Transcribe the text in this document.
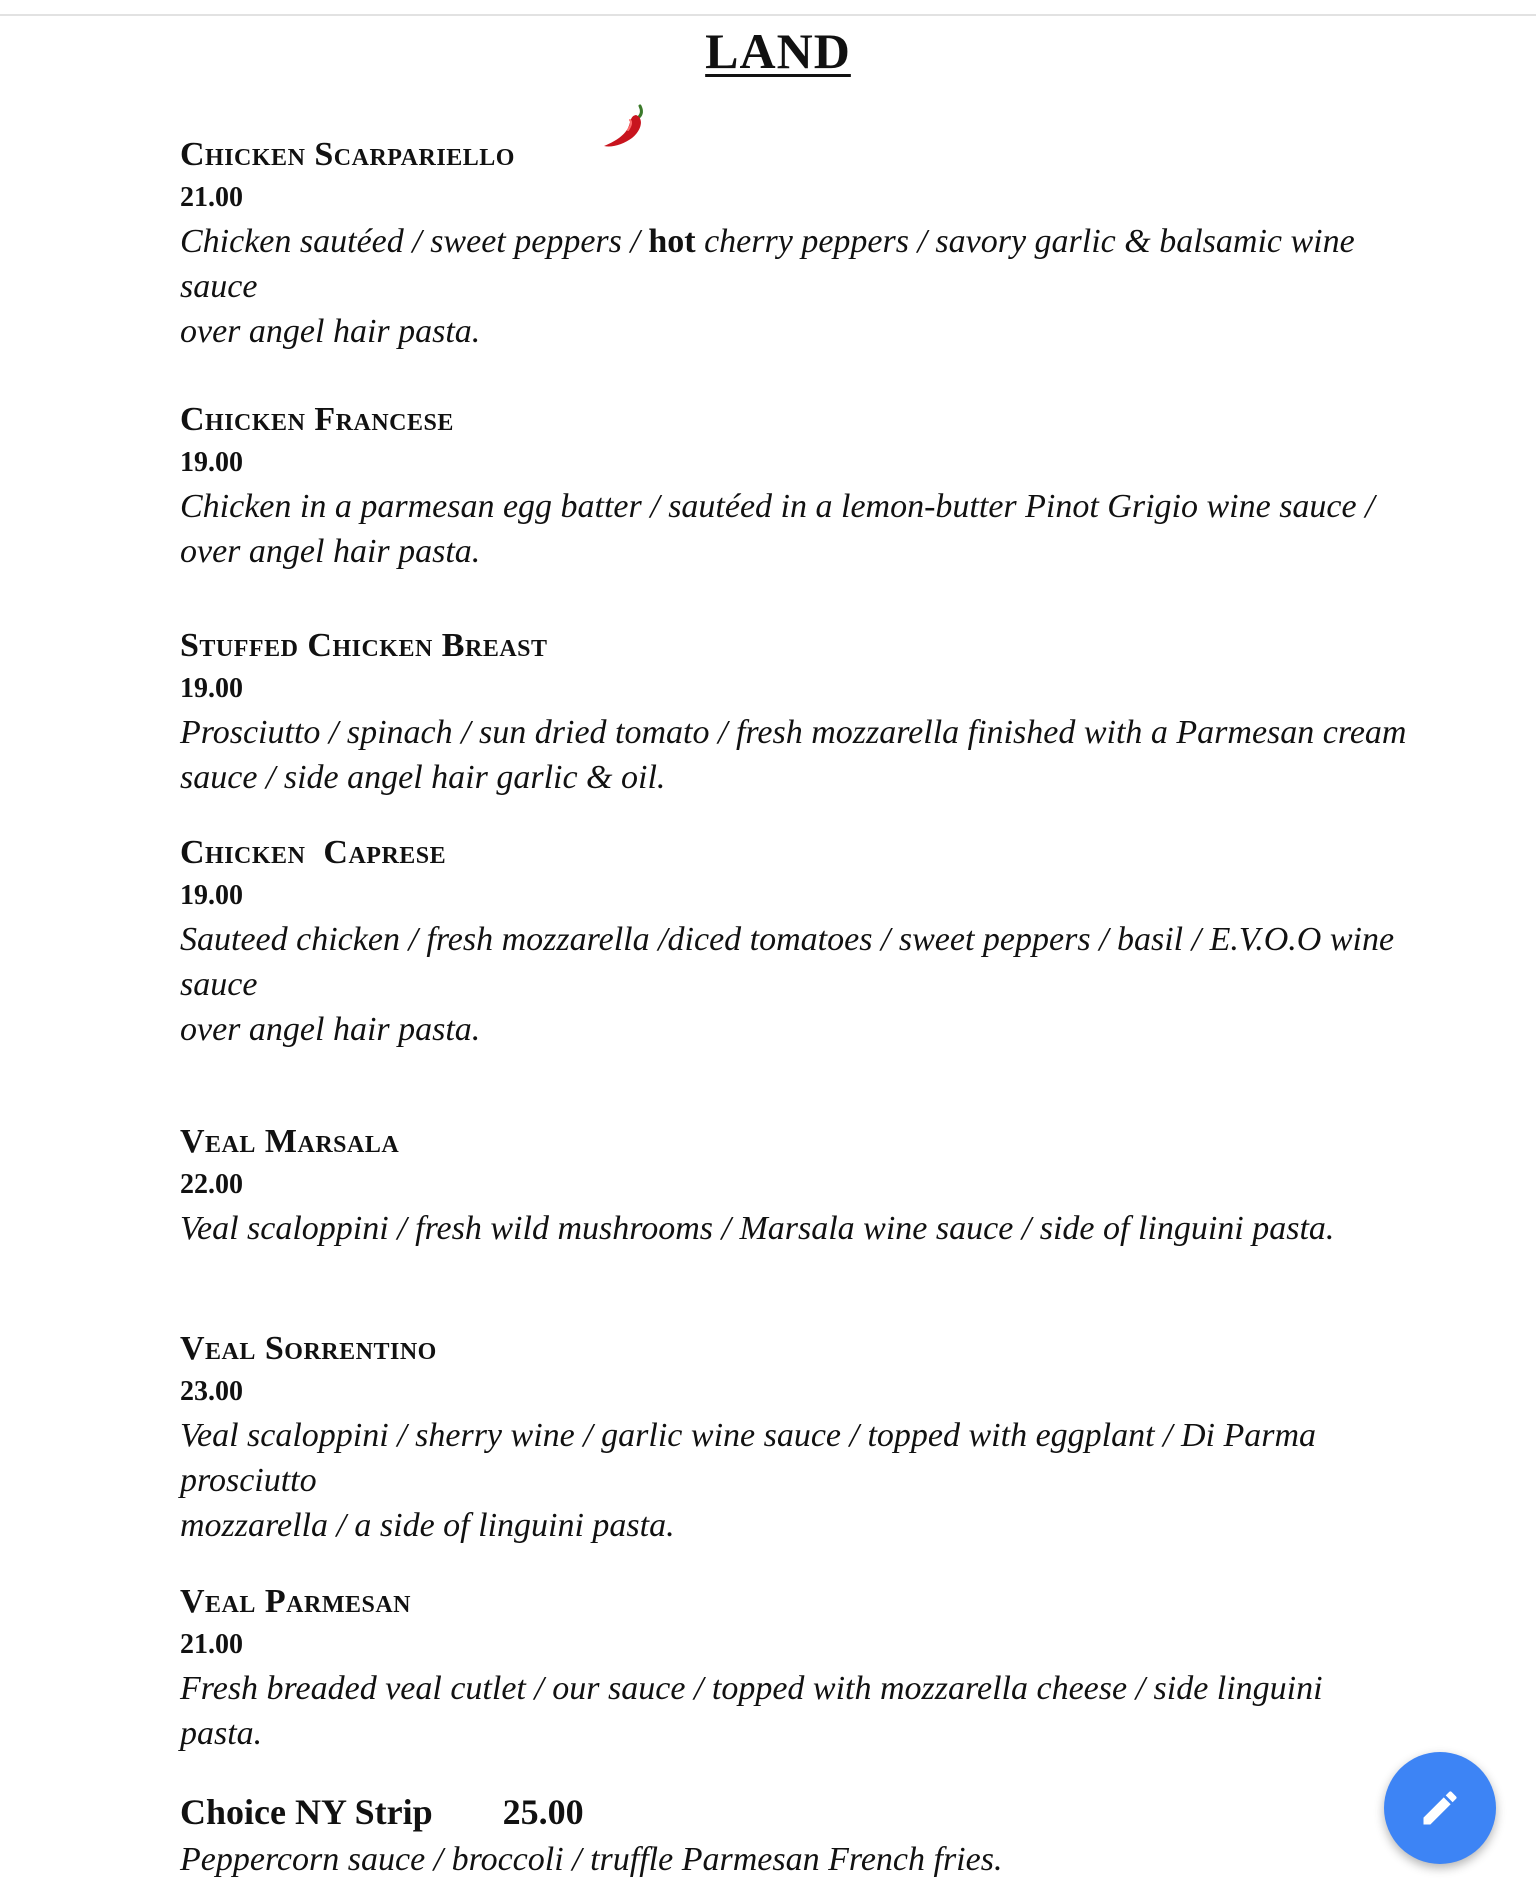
LAND
Chicken Scarpariello
21.00
Chicken sautéed / sweet peppers / hot cherry peppers / savory garlic & balsamic wine sauce
over angel hair pasta.
Chicken Francese
19.00
Chicken in a parmesan egg batter / sautéed in a lemon-butter Pinot Grigio wine sauce / over angel hair pasta.
Stuffed Chicken Breast
19.00
Prosciutto / spinach / sun dried tomato / fresh mozzarella finished with a Parmesan cream sauce / side angel hair garlic & oil.
Chicken  Caprese
19.00
Sauteed chicken / fresh mozzarella /diced tomatoes / sweet peppers / basil / E.V.O.O wine sauce
over angel hair pasta.
Veal Marsala
22.00
Veal scaloppini / fresh wild mushrooms / Marsala wine sauce / side of linguini pasta.
Veal Sorrentino
23.00
Veal scaloppini / sherry wine / garlic wine sauce / topped with eggplant / Di Parma prosciutto
mozzarella / a side of linguini pasta.
Veal Parmesan
21.00
Fresh breaded veal cutlet / our sauce / topped with mozzarella cheese / side linguini pasta.
Choice NY Strip 25.00
Peppercorn sauce / broccoli / truffle Parmesan French fries.
